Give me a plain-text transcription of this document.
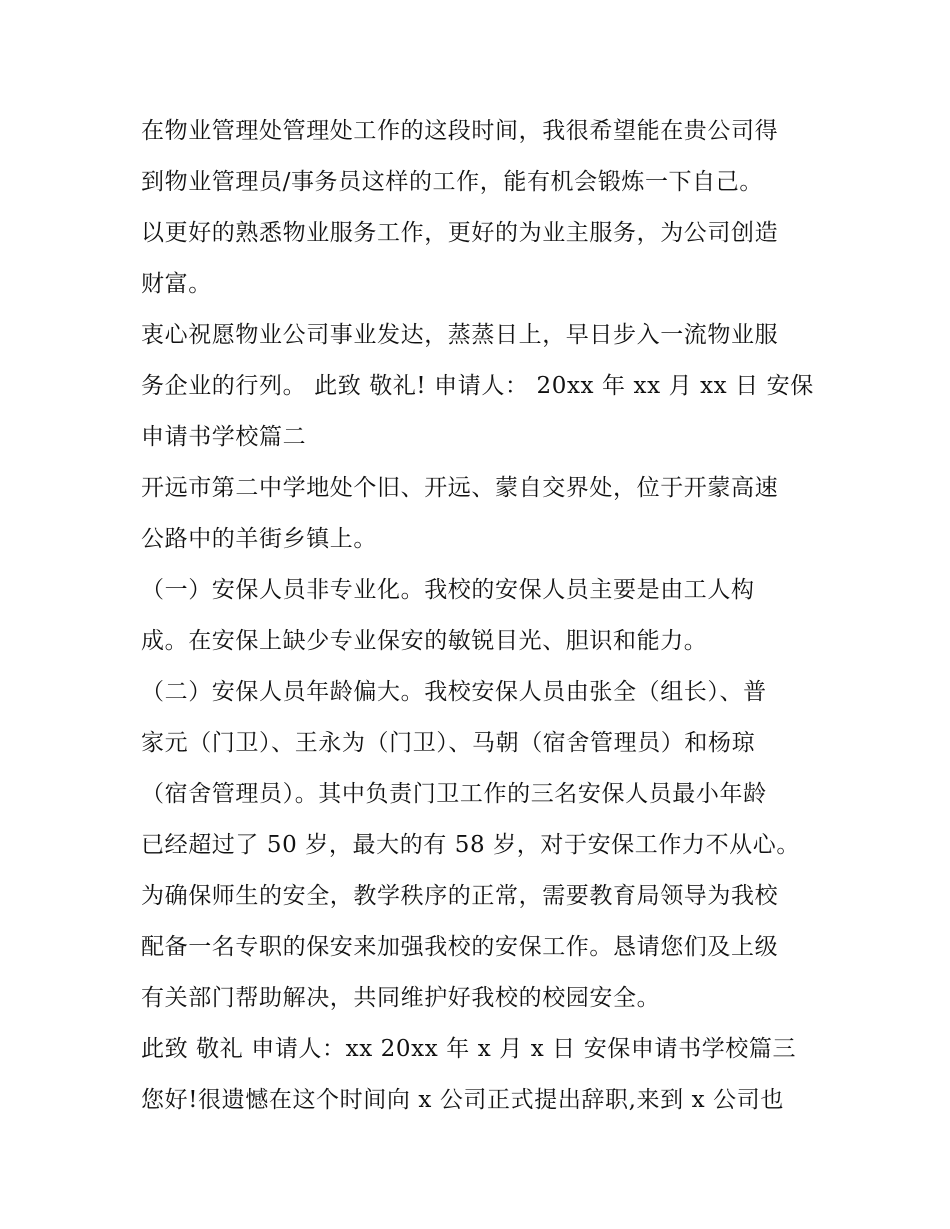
在物业管理处管理处工作的这段时间，我很希望能在贵公司得
到物业管理员/事务员这样的工作，能有机会锻炼一下自己。
以更好的熟悉物业服务工作，更好的为业主服务，为公司创造
财富。
衷心祝愿物业公司事业发达，蒸蒸日上，早日步入一流物业服
务企业的行列。 此致 敬礼! 申请人： 20xx 年 xx 月 xx 日 安保
申请书学校篇二
开远市第二中学地处个旧、开远、蒙自交界处，位于开蒙高速
公路中的羊街乡镇上。
（一）安保人员非专业化。我校的安保人员主要是由工人构
成。在安保上缺少专业保安的敏锐目光、胆识和能力。
（二）安保人员年龄偏大。我校安保人员由张全（组长）、普
家元（门卫）、王永为（门卫）、马朝（宿舍管理员）和杨琼
（宿舍管理员）。其中负责门卫工作的三名安保人员最小年龄
已经超过了 50 岁，最大的有 58 岁，对于安保工作力不从心。
为确保师生的安全，教学秩序的正常，需要教育局领导为我校
配备一名专职的保安来加强我校的安保工作。恳请您们及上级
有关部门帮助解决，共同维护好我校的校园安全。
此致 敬礼 申请人：xx 20xx 年 x 月 x 日 安保申请书学校篇三
您好!很遗憾在这个时间向 x 公司正式提出辞职,来到 x 公司也
